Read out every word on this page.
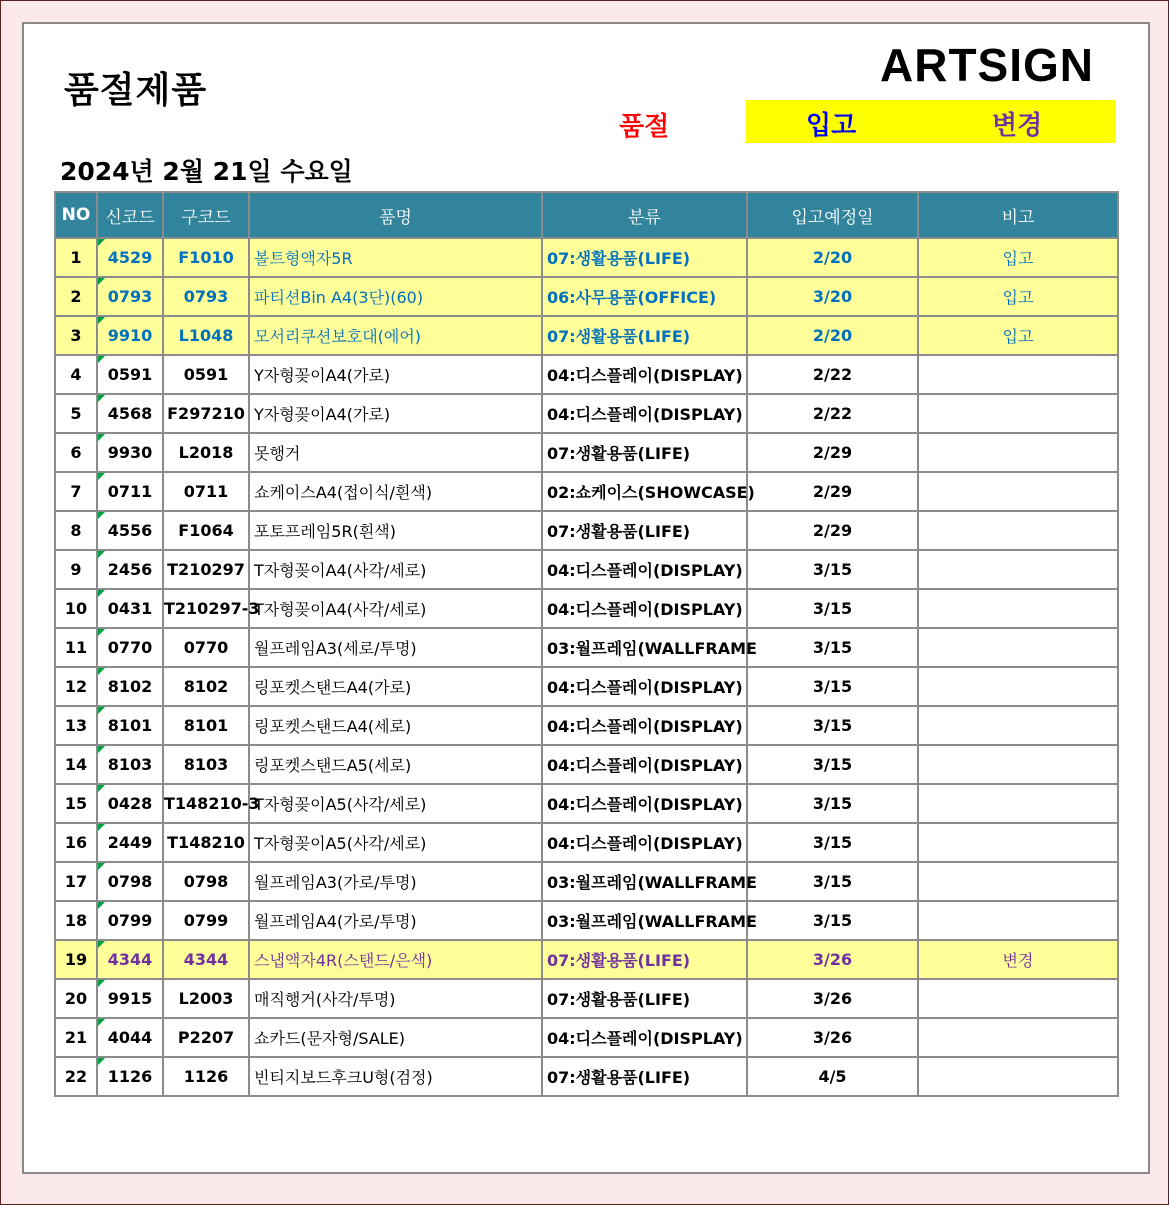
품절제품	ARTSIGN
품절	입고	변경
2024년 2월 21일 수요일
NO	신코드	구코드	품명	분류	입고예정일	비고
1	4529	F1010	볼트형액자5R	07:생활용품(LIFE)	2/20	입고
2	0793	0793	파티션Bin A4(3단)(60)	06:사무용품(OFFICE)	3/20	입고
3	9910	L1048	모서리쿠션보호대(에어)	07:생활용품(LIFE)	2/20	입고
4	0591	0591	Y자형꽂이A4(가로)	04:디스플레이(DISPLAY)	2/22	
5	4568	F297210	Y자형꽂이A4(가로)	04:디스플레이(DISPLAY)	2/22	
6	9930	L2018	못행거	07:생활용품(LIFE)	2/29	
7	0711	0711	쇼케이스A4(접이식/흰색)	02:쇼케이스(SHOWCASE)	2/29	
8	4556	F1064	포토프레임5R(흰색)	07:생활용품(LIFE)	2/29	
9	2456	T210297	T자형꽂이A4(사각/세로)	04:디스플레이(DISPLAY)	3/15	
10	0431	T210297-3	T자형꽂이A4(사각/세로)	04:디스플레이(DISPLAY)	3/15	
11	0770	0770	월프레임A3(세로/투명)	03:월프레임(WALLFRAME	3/15	
12	8102	8102	링포켓스탠드A4(가로)	04:디스플레이(DISPLAY)	3/15	
13	8101	8101	링포켓스탠드A4(세로)	04:디스플레이(DISPLAY)	3/15	
14	8103	8103	링포켓스탠드A5(세로)	04:디스플레이(DISPLAY)	3/15	
15	0428	T148210-3	T자형꽂이A5(사각/세로)	04:디스플레이(DISPLAY)	3/15	
16	2449	T148210	T자형꽂이A5(사각/세로)	04:디스플레이(DISPLAY)	3/15	
17	0798	0798	월프레임A3(가로/투명)	03:월프레임(WALLFRAME	3/15	
18	0799	0799	월프레임A4(가로/투명)	03:월프레임(WALLFRAME	3/15	
19	4344	4344	스냅액자4R(스탠드/은색)	07:생활용품(LIFE)	3/26	변경
20	9915	L2003	매직행거(사각/투명)	07:생활용품(LIFE)	3/26	
21	4044	P2207	쇼카드(문자형/SALE)	04:디스플레이(DISPLAY)	3/26	
22	1126	1126	빈티지보드후크U형(검정)	07:생활용품(LIFE)	4/5	
